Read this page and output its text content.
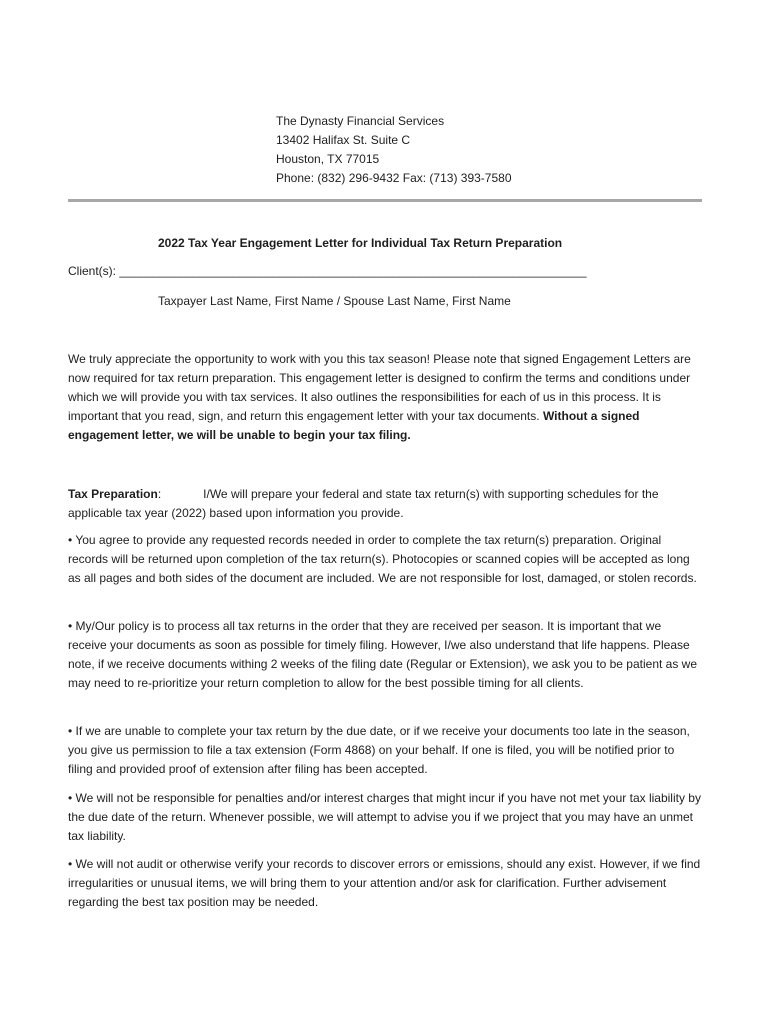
The Dynasty Financial Services
13402 Halifax St. Suite C
Houston, TX 77015
Phone: (832) 296-9432 Fax: (713) 393-7580
2022 Tax Year Engagement Letter for Individual Tax Return Preparation
Client(s): ______________________________________________________________________
Taxpayer Last Name, First Name / Spouse Last Name, First Name

We truly appreciate the opportunity to work with you this tax season! Please note that signed Engagement Letters are now required for tax return preparation. This engagement letter is designed to confirm the terms and conditions under which we will provide you with tax services. It also outlines the responsibilities for each of us in this process. It is important that you read, sign, and return this engagement letter with your tax documents. Without a signed engagement letter, we will be unable to begin your tax filing.

Tax Preparation:	I/We will prepare your federal and state tax return(s) with supporting schedules for the applicable tax year (2022) based upon information you provide.

• You agree to provide any requested records needed in order to complete the tax return(s) preparation. Original records will be returned upon completion of the tax return(s). Photocopies or scanned copies will be accepted as long as all pages and both sides of the document are included. We are not responsible for lost, damaged, or stolen records.

• My/Our policy is to process all tax returns in the order that they are received per season. It is important that we receive your documents as soon as possible for timely filing. However, I/we also understand that life happens. Please note, if we receive documents withing 2 weeks of the filing date (Regular or Extension), we ask you to be patient as we may need to re-prioritize your return completion to allow for the best possible timing for all clients.

• If we are unable to complete your tax return by the due date, or if we receive your documents too late in the season, you give us permission to file a tax extension (Form 4868) on your behalf. If one is filed, you will be notified prior to filing and provided proof of extension after filing has been accepted.

• We will not be responsible for penalties and/or interest charges that might incur if you have not met your tax liability by the due date of the return. Whenever possible, we will attempt to advise you if we project that you may have an unmet tax liability.

• We will not audit or otherwise verify your records to discover errors or emissions, should any exist. However, if we find irregularities or unusual items, we will bring them to your attention and/or ask for clarification. Further advisement regarding the best tax position may be needed.
